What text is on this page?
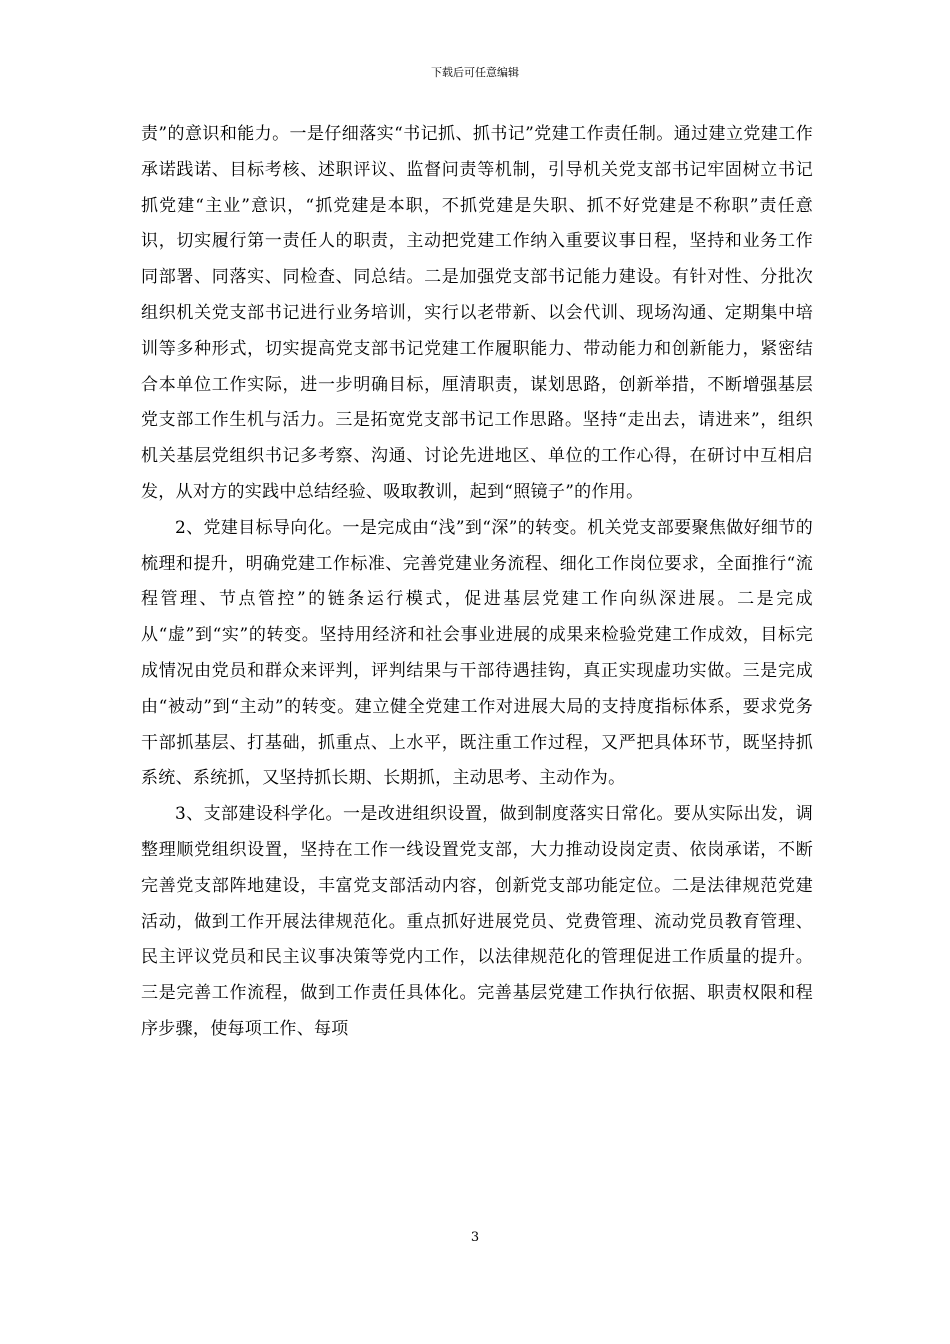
下载后可任意编辑

责”的意识和能力。一是仔细落实“书记抓、抓书记”党建工作责任制。通过建立党建工作承诺践诺、目标考核、述职评议、监督问责等机制，引导机关党支部书记牢固树立书记抓党建“主业”意识，“抓党建是本职，不抓党建是失职、抓不好党建是不称职”责任意识，切实履行第一责任人的职责，主动把党建工作纳入重要议事日程，坚持和业务工作同部署、同落实、同检查、同总结。二是加强党支部书记能力建设。有针对性、分批次组织机关党支部书记进行业务培训，实行以老带新、以会代训、现场沟通、定期集中培训等多种形式，切实提高党支部书记党建工作履职能力、带动能力和创新能力，紧密结合本单位工作实际，进一步明确目标，厘清职责，谋划思路，创新举措，不断增强基层党支部工作生机与活力。三是拓宽党支部书记工作思路。坚持“走出去，请进来”，组织机关基层党组织书记多考察、沟通、讨论先进地区、单位的工作心得，在研讨中互相启发，从对方的实践中总结经验、吸取教训，起到“照镜子”的作用。

2、党建目标导向化。一是完成由“浅”到“深”的转变。机关党支部要聚焦做好细节的梳理和提升，明确党建工作标准、完善党建业务流程、细化工作岗位要求，全面推行“流程管理、节点管控”的链条运行模式，促进基层党建工作向纵深进展。二是完成从“虚”到“实”的转变。坚持用经济和社会事业进展的成果来检验党建工作成效，目标完成情况由党员和群众来评判，评判结果与干部待遇挂钩，真正实现虚功实做。三是完成由“被动”到“主动”的转变。建立健全党建工作对进展大局的支持度指标体系，要求党务干部抓基层、打基础，抓重点、上水平，既注重工作过程，又严把具体环节，既坚持抓系统、系统抓，又坚持抓长期、长期抓，主动思考、主动作为。

3、支部建设科学化。一是改进组织设置，做到制度落实日常化。要从实际出发，调整理顺党组织设置，坚持在工作一线设置党支部，大力推动设岗定责、依岗承诺，不断完善党支部阵地建设，丰富党支部活动内容，创新党支部功能定位。二是法律规范党建活动，做到工作开展法律规范化。重点抓好进展党员、党费管理、流动党员教育管理、民主评议党员和民主议事决策等党内工作，以法律规范化的管理促进工作质量的提升。三是完善工作流程，做到工作责任具体化。完善基层党建工作执行依据、职责权限和程序步骤，使每项工作、每项

3
